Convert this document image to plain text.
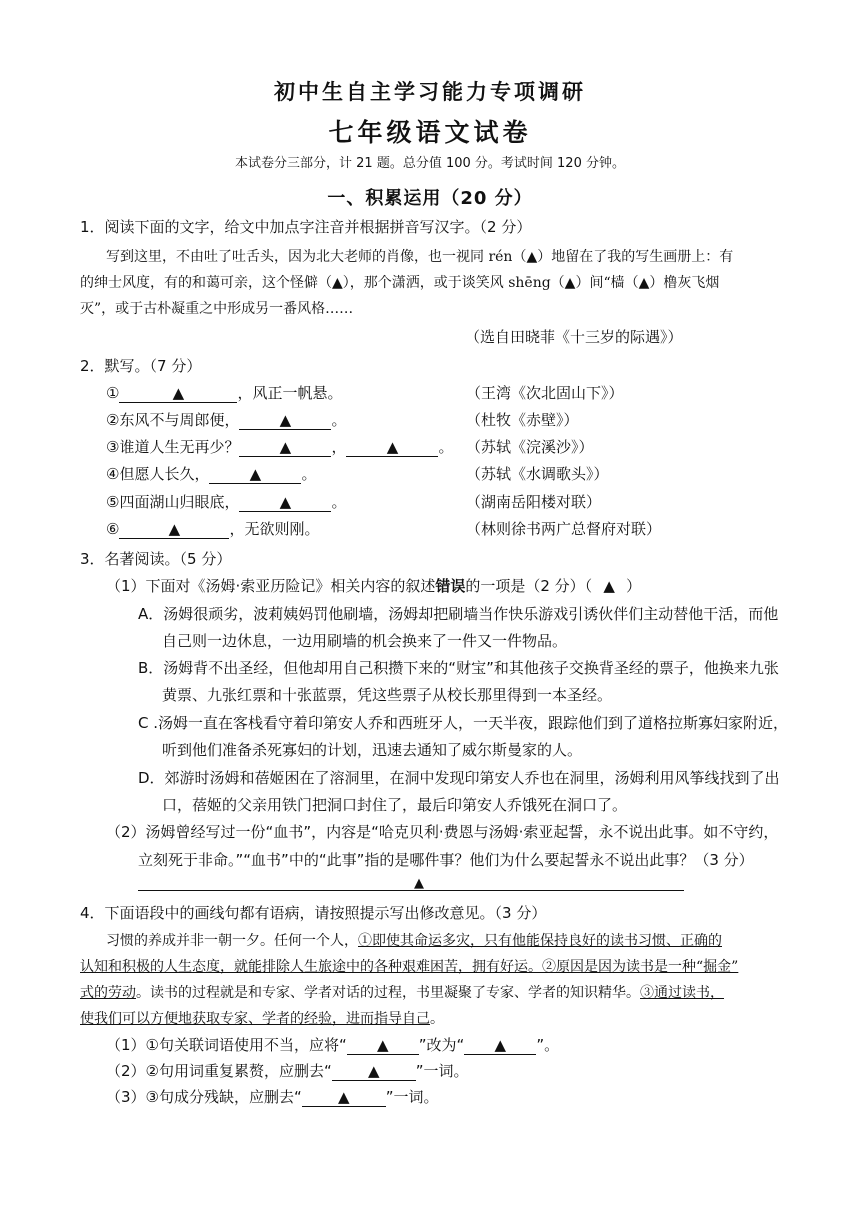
初中生自主学习能力专项调研
七年级语文试卷
本试卷分三部分，计 21 题。总分值 100 分。考试时间 120 分钟。
一、积累运用（20 分）
1．阅读下面的文字，给文中加点字注音并根据拼音写汉字。（2 分）
写到这里，不由吐了吐舌头，因为北大老师的肖像，也一视同 rén（▲）地留在了我的写生画册上：有
的绅士风度，有的和蔼可亲，这个怪僻（▲），那个潇洒，或于谈笑风 shēng（▲）间“樯（▲）橹灰飞烟
灭”，或于古朴凝重之中形成另一番风格……
（选自田晓菲《十三岁的际遇》）
2．默写。（7 分）
①	▲	，风正一帆悬。	（王湾《次北固山下》）
②东风不与周郎便，	▲	。	（杜牧《赤壁》）
③谁道人生无再少？	▲	，	▲	。 （苏轼《浣溪沙》）
④但愿人长久，	▲	。	（苏轼《水调歌头》）
⑤四面湖山归眼底，	▲	。	（湖南岳阳楼对联）
⑥	▲	，无欲则刚。	（林则徐书两广总督府对联）
3．名著阅读。（5 分）
（1）下面对《汤姆·索亚历险记》相关内容的叙述错误的一项是（2 分）（ ▲ ）
A．汤姆很顽劣，波莉姨妈罚他刷墙，汤姆却把刷墙当作快乐游戏引诱伙伴们主动替他干活，而他
自己则一边休息，一边用刷墙的机会换来了一件又一件物品。
B．汤姆背不出圣经，但他却用自己积攒下来的“财宝”和其他孩子交换背圣经的票子，他换来九张
黄票、九张红票和十张蓝票，凭这些票子从校长那里得到一本圣经。
C .汤姆一直在客栈看守着印第安人乔和西班牙人，一天半夜，跟踪他们到了道格拉斯寡妇家附近，
听到他们准备杀死寡妇的计划，迅速去通知了威尔斯曼家的人。
D．郊游时汤姆和蓓姬困在了溶洞里，在洞中发现印第安人乔也在洞里，汤姆利用风筝线找到了出
口，蓓姬的父亲用铁门把洞口封住了，最后印第安人乔饿死在洞口了。
（2）汤姆曾经写过一份“血书”，内容是“哈克贝利·费恩与汤姆·索亚起誓，永不说出此事。如不守约，
立刻死于非命。”“血书”中的“此事”指的是哪件事？他们为什么要起誓永不说出此事？（3 分）
▲
4．下面语段中的画线句都有语病，请按照提示写出修改意见。（3 分）
习惯的养成并非一朝一夕。任何一个人，①即使其命运多灾，只有他能保持良好的读书习惯、正确的
认知和积极的人生态度，就能排除人生旅途中的各种艰难困苦，拥有好运。②原因是因为读书是一种“掘金”
式的劳动。读书的过程就是和专家、学者对话的过程，书里凝聚了专家、学者的知识精华。③通过读书，
使我们可以方便地获取专家、学者的经验，进而指导自己。
（1）①句关联词语使用不当，应将“ ▲ ”改为“ ▲ ”。
（2）②句用词重复累赘，应删去“ ▲ ”一词。
（3）③句成分残缺，应删去“ ▲ ”一词。
